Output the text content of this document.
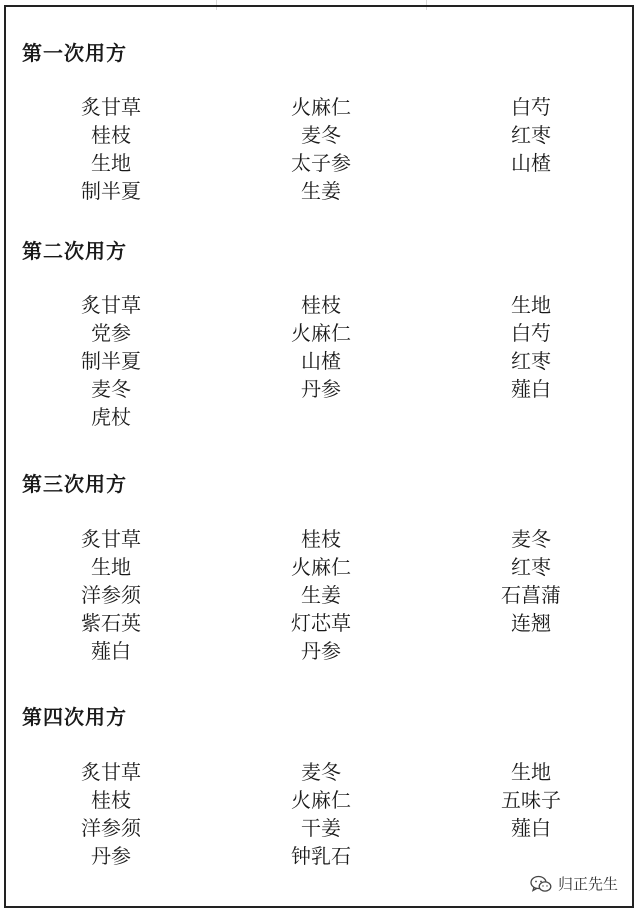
第一次用方
炙甘草	火麻仁	白芍
桂枝	麦冬	红枣
生地	太子参	山楂
制半夏	生姜
第二次用方
炙甘草	桂枝	生地
党参	火麻仁	白芍
制半夏	山楂	红枣
麦冬	丹参	薤白
虎杖
第三次用方
炙甘草	桂枝	麦冬
生地	火麻仁	红枣
洋参须	生姜	石菖蒲
紫石英	灯芯草	连翘
薤白	丹参
第四次用方
炙甘草	麦冬	生地
桂枝	火麻仁	五味子
洋参须	干姜	薤白
丹参	钟乳石
归正先生
